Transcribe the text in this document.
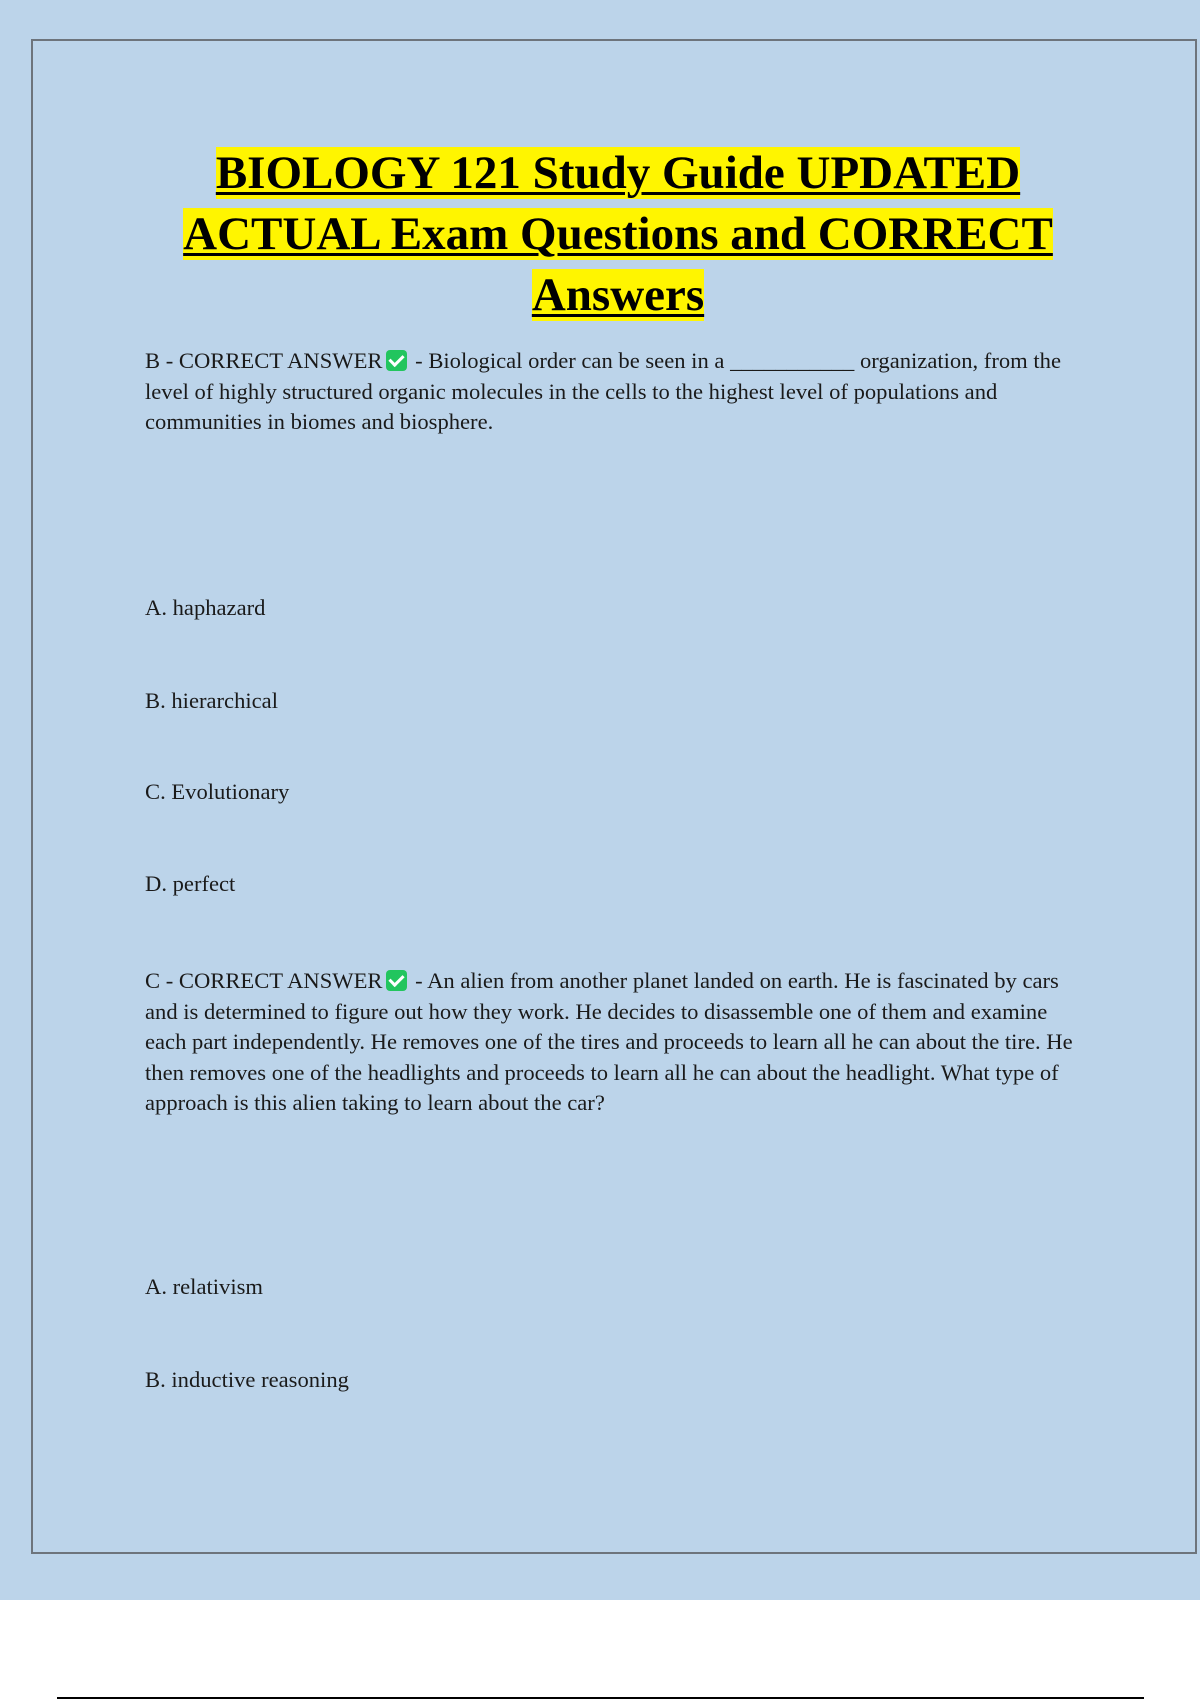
BIOLOGY 121 Study Guide UPDATED
ACTUAL Exam Questions and CORRECT
Answers
B - CORRECT ANSWER - Biological order can be seen in a ___________ organization, from the level of highly structured organic molecules in the cells to the highest level of populations and communities in biomes and biosphere.
A. haphazard
B. hierarchical
C. Evolutionary
D. perfect
C - CORRECT ANSWER - An alien from another planet landed on earth. He is fascinated by cars and is determined to figure out how they work. He decides to disassemble one of them and examine each part independently. He removes one of the tires and proceeds to learn all he can about the tire. He then removes one of the headlights and proceeds to learn all he can about the headlight. What type of approach is this alien taking to learn about the car?
A. relativism
B. inductive reasoning
